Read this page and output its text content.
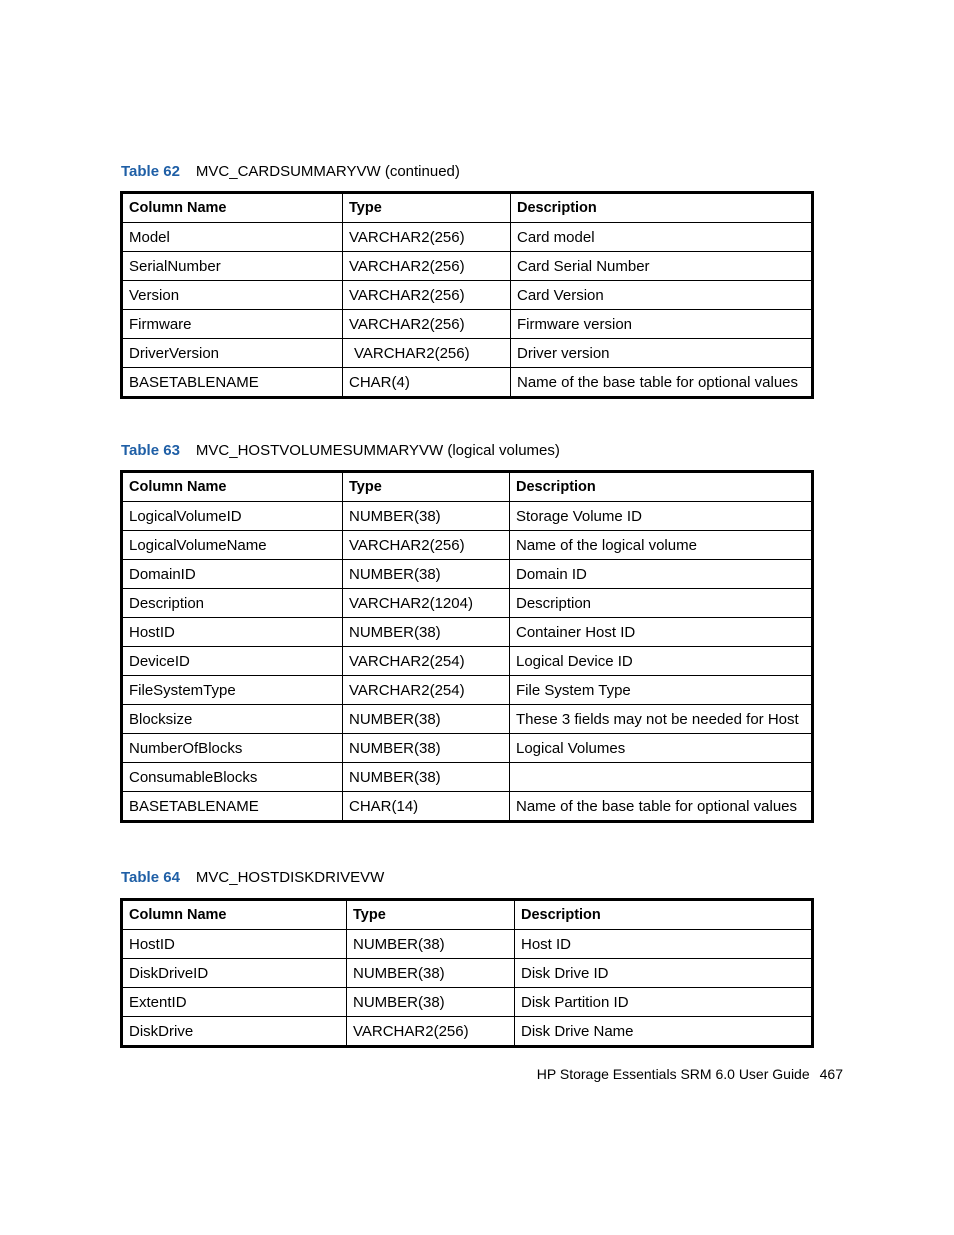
Table 62 MVC_CARDSUMMARYVW (continued)
Column Name	Type	Description
Model	VARCHAR2(256)	Card model
SerialNumber	VARCHAR2(256)	Card Serial Number
Version	VARCHAR2(256)	Card Version
Firmware	VARCHAR2(256)	Firmware version
DriverVersion	VARCHAR2(256)	Driver version
BASETABLENAME	CHAR(4)	Name of the base table for optional values
Table 63 MVC_HOSTVOLUMESUMMARYVW (logical volumes)
Column Name	Type	Description
LogicalVolumeID	NUMBER(38)	Storage Volume ID
LogicalVolumeName	VARCHAR2(256)	Name of the logical volume
DomainID	NUMBER(38)	Domain ID
Description	VARCHAR2(1204)	Description
HostID	NUMBER(38)	Container Host ID
DeviceID	VARCHAR2(254)	Logical Device ID
FileSystemType	VARCHAR2(254)	File System Type
Blocksize	NUMBER(38)	These 3 fields may not be needed for Host
NumberOfBlocks	NUMBER(38)	Logical Volumes
ConsumableBlocks	NUMBER(38)	
BASETABLENAME	CHAR(14)	Name of the base table for optional values
Table 64 MVC_HOSTDISKDRIVEVW
Column Name	Type	Description
HostID	NUMBER(38)	Host ID
DiskDriveID	NUMBER(38)	Disk Drive ID
ExtentID	NUMBER(38)	Disk Partition ID
DiskDrive	VARCHAR2(256)	Disk Drive Name
HP Storage Essentials SRM 6.0 User Guide 467
